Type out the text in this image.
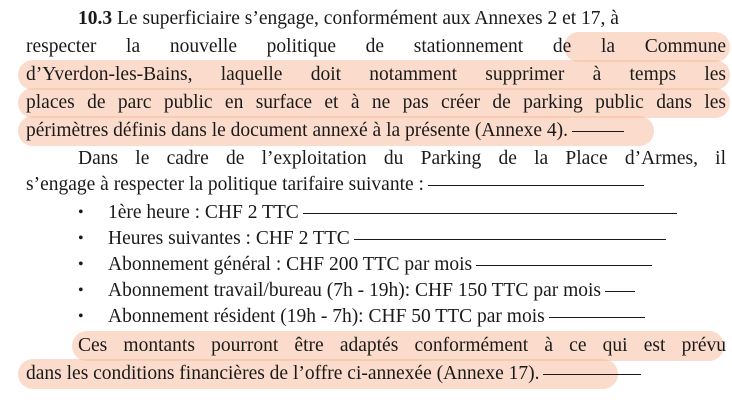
10.3 Le superficiaire s’engage, conformément aux Annexes 2 et 17, à
respecter la nouvelle politique de stationnement de la Commune
d’Yverdon-les-Bains, laquelle doit notamment supprimer à temps les
places de parc public en surface et à ne pas créer de parking public dans les
périmètres définis dans le document annexé à la présente (Annexe 4).
Dans le cadre de l’exploitation du Parking de la Place d’Armes, il
s’engage à respecter la politique tarifaire suivante :
• 1ère heure : CHF 2 TTC
• Heures suivantes : CHF 2 TTC
• Abonnement général : CHF 200 TTC par mois
• Abonnement travail/bureau (7h - 19h): CHF 150 TTC par mois
• Abonnement résident (19h - 7h): CHF 50 TTC par mois
Ces montants pourront être adaptés conformément à ce qui est prévu
dans les conditions financières de l’offre ci-annexée (Annexe 17).
